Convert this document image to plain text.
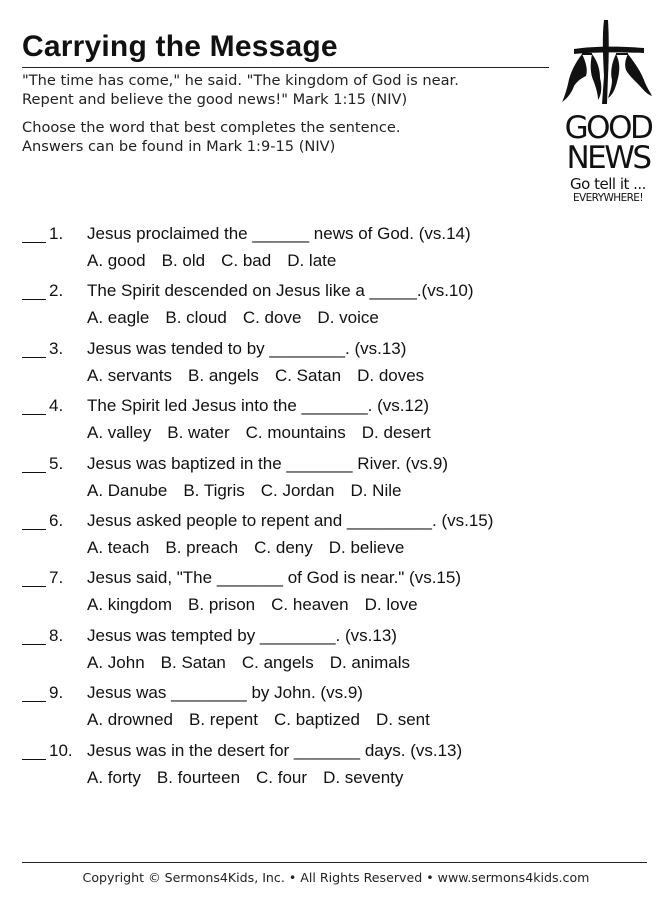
Carrying the Message
"The time has come," he said. "The kingdom of God is near.
Repent and believe the good news!" Mark 1:15 (NIV)
Choose the word that best completes the sentence.
Answers can be found in Mark 1:9-15 (NIV)
GOOD
NEWS
Go tell it ...
EVERYWHERE!
1. Jesus proclaimed the ______ news of God. (vs.14)
A. good B. old C. bad D. late
2. The Spirit descended on Jesus like a _____.(vs.10)
A. eagle B. cloud C. dove D. voice
3. Jesus was tended to by ________. (vs.13)
A. servants B. angels C. Satan D. doves
4. The Spirit led Jesus into the _______. (vs.12)
A. valley B. water C. mountains D. desert
5. Jesus was baptized in the _______ River. (vs.9)
A. Danube B. Tigris C. Jordan D. Nile
6. Jesus asked people to repent and _________. (vs.15)
A. teach B. preach C. deny D. believe
7. Jesus said, "The _______ of God is near." (vs.15)
A. kingdom B. prison C. heaven D. love
8. Jesus was tempted by ________. (vs.13)
A. John B. Satan C. angels D. animals
9. Jesus was ________ by John. (vs.9)
A. drowned B. repent C. baptized D. sent
10. Jesus was in the desert for _______ days. (vs.13)
A. forty B. fourteen C. four D. seventy
Copyright © Sermons4Kids, Inc. • All Rights Reserved • www.sermons4kids.com
